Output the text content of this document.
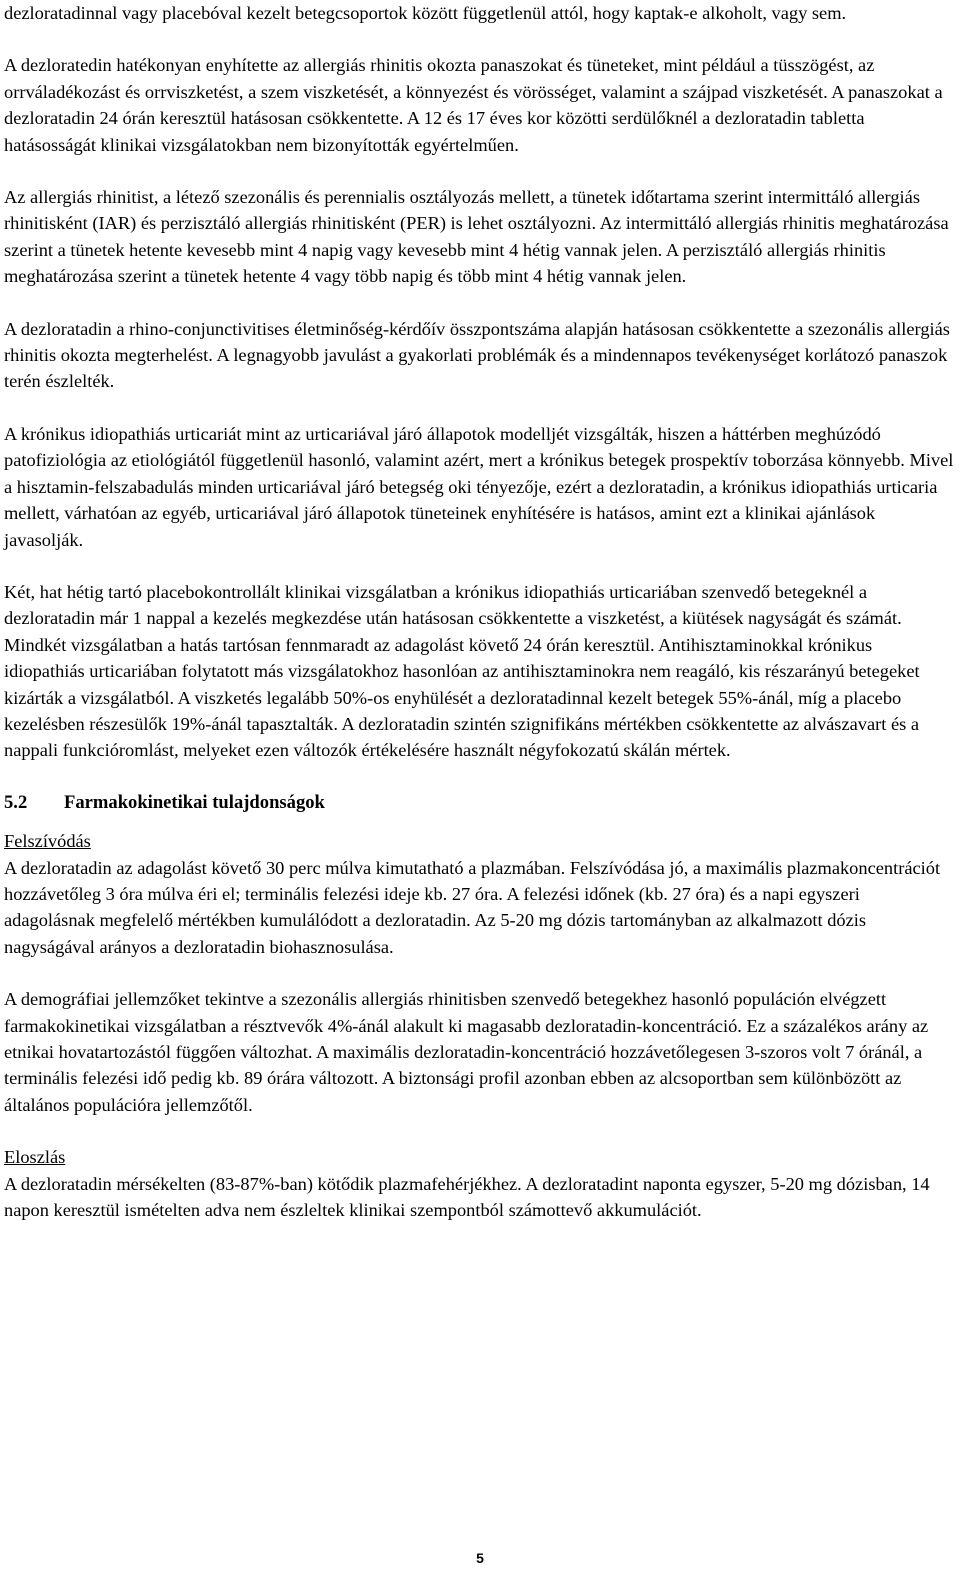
dezloratadinnal vagy placebóval kezelt betegcsoportok között függetlenül attól, hogy kaptak-e alkoholt, vagy sem.

A dezloratedin hatékonyan enyhítette az allergiás rhinitis okozta panaszokat és tüneteket, mint például a tüsszögést, az orrváladékozást és orrviszketést, a szem viszketését, a könnyezést és vörösséget, valamint a szájpad viszketését. A panaszokat a dezloratadin 24 órán keresztül hatásosan csökkentette. A 12 és 17 éves kor közötti serdülőknél a dezloratadin tabletta hatásosságát klinikai vizsgálatokban nem bizonyították egyértelműen.

Az allergiás rhinitist, a létező szezonális és perennialis osztályozás mellett, a tünetek időtartama szerint intermittáló allergiás rhinitisként (IAR) és perzisztáló allergiás rhinitisként (PER) is lehet osztályozni. Az intermittáló allergiás rhinitis meghatározása szerint a tünetek hetente kevesebb mint 4 napig vagy kevesebb mint 4 hétig vannak jelen. A perzisztáló allergiás rhinitis meghatározása szerint a tünetek hetente 4 vagy több napig és több mint 4 hétig vannak jelen.

A dezloratadin a rhino-conjunctivitises életminőség-kérdőív összpontszáma alapján hatásosan csökkentette a szezonális allergiás rhinitis okozta megterhelést. A legnagyobb javulást a gyakorlati problémák és a mindennapos tevékenységet korlátozó panaszok terén észlelték.

A krónikus idiopathiás urticariát mint az urticariával járó állapotok modelljét vizsgálták, hiszen a háttérben meghúzódó patofiziológia az etiológiától függetlenül hasonló, valamint azért, mert a krónikus betegek prospektív toborzása könnyebb. Mivel a hisztamin-felszabadulás minden urticariával járó betegség oki tényezője, ezért a dezloratadin, a krónikus idiopathiás urticaria mellett, várhatóan az egyéb, urticariával járó állapotok tüneteinek enyhítésére is hatásos, amint ezt a klinikai ajánlások javasolják.

Két, hat hétig tartó placebokontrollált klinikai vizsgálatban a krónikus idiopathiás urticariában szenvedő betegeknél a dezloratadin már 1 nappal a kezelés megkezdése után hatásosan csökkentette a viszketést, a kiütések nagyságát és számát. Mindkét vizsgálatban a hatás tartósan fennmaradt az adagolást követő 24 órán keresztül. Antihisztaminokkal krónikus idiopathiás urticariában folytatott más vizsgálatokhoz hasonlóan az antihisztaminokra nem reagáló, kis részarányú betegeket kizárták a vizsgálatból. A viszketés legalább 50%-os enyhülését a dezloratadinnal kezelt betegek 55%-ánál, míg a placebo kezelésben részesülők 19%-ánál tapasztalták. A dezloratadin szintén szignifikáns mértékben csökkentette az alvászavart és a nappali funkcióromlást, melyeket ezen változók értékelésére használt négyfokozatú skálán mértek.

5.2 Farmakokinetikai tulajdonságok
Felszívódás

A dezloratadin az adagolást követő 30 perc múlva kimutatható a plazmában. Felszívódása jó, a maximális plazmakoncentrációt hozzávetőleg 3 óra múlva éri el; terminális felezési ideje kb. 27 óra. A felezési időnek (kb. 27 óra) és a napi egyszeri adagolásnak megfelelő mértékben kumulálódott a dezloratadin. Az 5-20 mg dózis tartományban az alkalmazott dózis nagyságával arányos a dezloratadin biohasznosulása.

A demográfiai jellemzőket tekintve a szezonális allergiás rhinitisben szenvedő betegekhez hasonló populáción elvégzett farmakokinetikai vizsgálatban a résztvevők 4%-ánál alakult ki magasabb dezloratadin-koncentráció. Ez a százalékos arány az etnikai hovatartozástól függően változhat. A maximális dezloratadin-koncentráció hozzávetőlegesen 3-szoros volt 7 óránál, a terminális felezési idő pedig kb. 89 órára változott. A biztonsági profil azonban ebben az alcsoportban sem különbözött az általános populációra jellemzőtől.

Eloszlás

A dezloratadin mérsékelten (83-87%-ban) kötődik plazmafehérjékhez. A dezloratadint naponta egyszer, 5-20 mg dózisban, 14 napon keresztül ismételten adva nem észleltek klinikai szempontból számottevő akkumulációt.

5
